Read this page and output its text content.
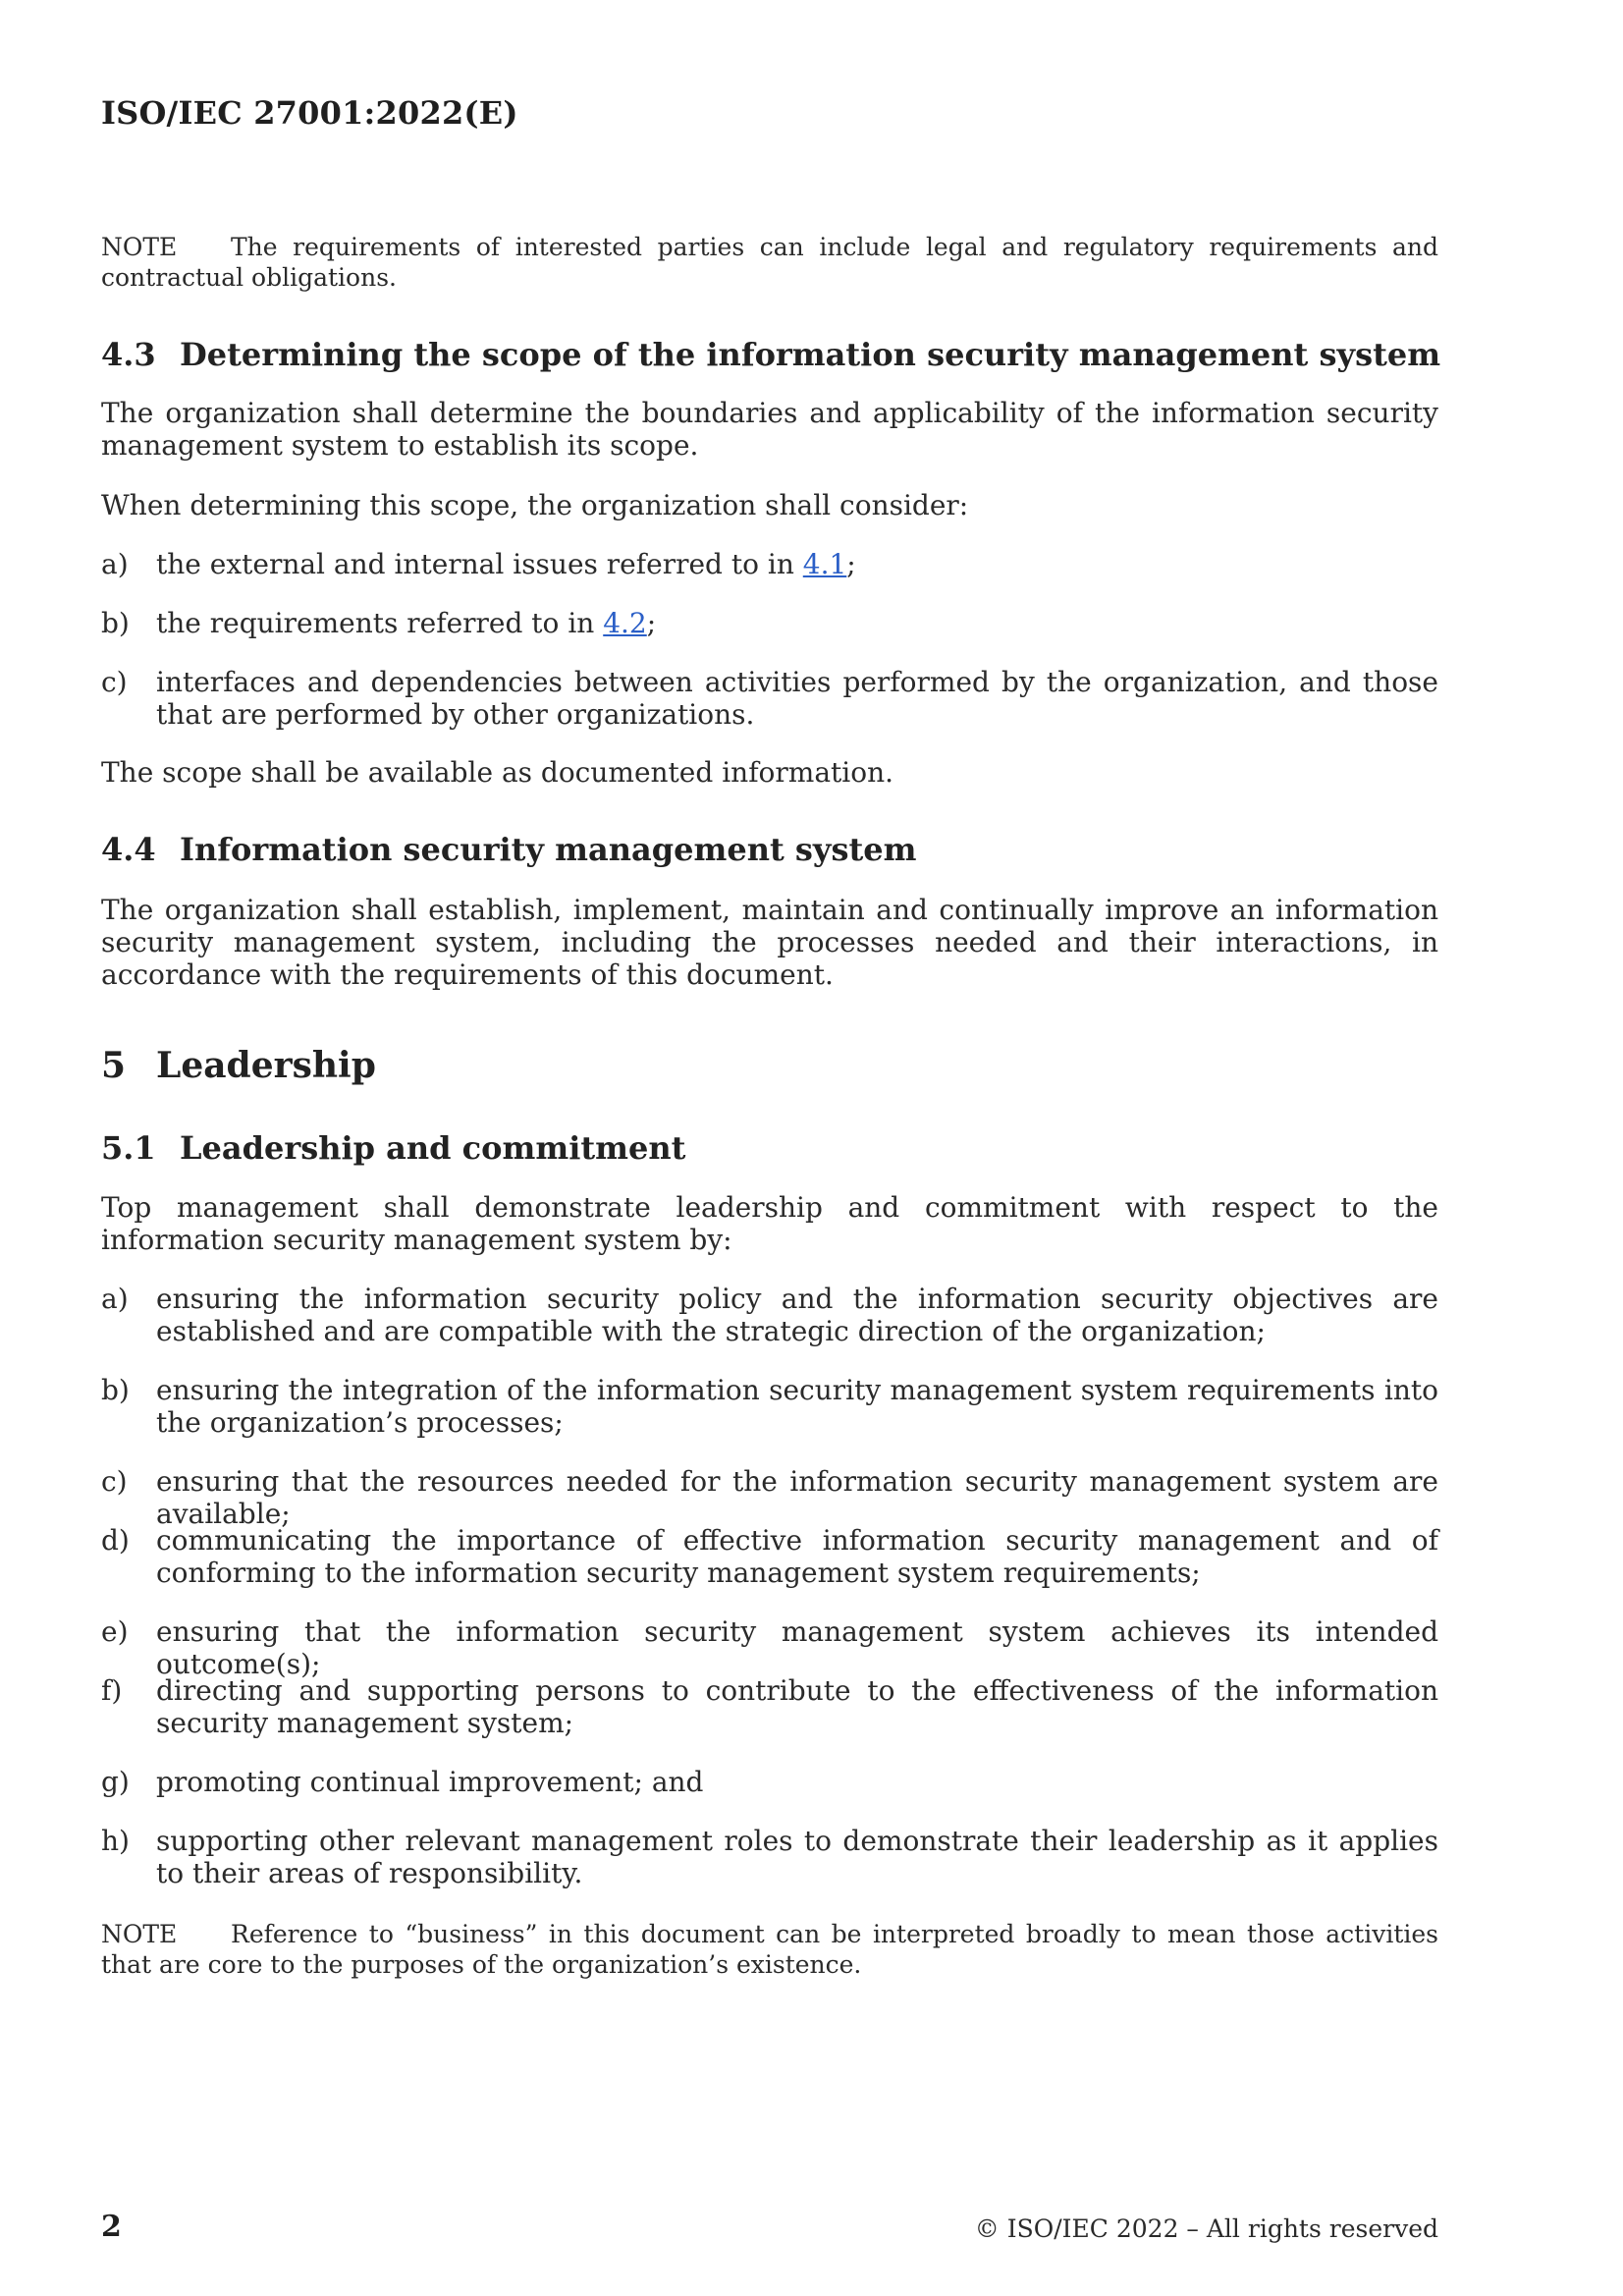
ISO/IEC 27001:2022(E)
NOTE The requirements of interested parties can include legal and regulatory requirements and contractual obligations.
4.3 Determining the scope of the information security management system
The organization shall determine the boundaries and applicability of the information security management system to establish its scope.
When determining this scope, the organization shall consider:
a) the external and internal issues referred to in 4.1;
b) the requirements referred to in 4.2;
c) interfaces and dependencies between activities performed by the organization, and those that are performed by other organizations.
The scope shall be available as documented information.
4.4 Information security management system
The organization shall establish, implement, maintain and continually improve an information security management system, including the processes needed and their interactions, in accordance with the requirements of this document.
5 Leadership
5.1 Leadership and commitment
Top management shall demonstrate leadership and commitment with respect to the information security management system by:
a) ensuring the information security policy and the information security objectives are established and are compatible with the strategic direction of the organization;
b) ensuring the integration of the information security management system requirements into the organization’s processes;
c) ensuring that the resources needed for the information security management system are available;
d) communicating the importance of effective information security management and of conforming to the information security management system requirements;
e) ensuring that the information security management system achieves its intended outcome(s);
f) directing and supporting persons to contribute to the effectiveness of the information security management system;
g) promoting continual improvement; and
h) supporting other relevant management roles to demonstrate their leadership as it applies to their areas of responsibility.
NOTE Reference to “business” in this document can be interpreted broadly to mean those activities that are core to the purposes of the organization’s existence.
2	© ISO/IEC 2022 – All rights reserved
